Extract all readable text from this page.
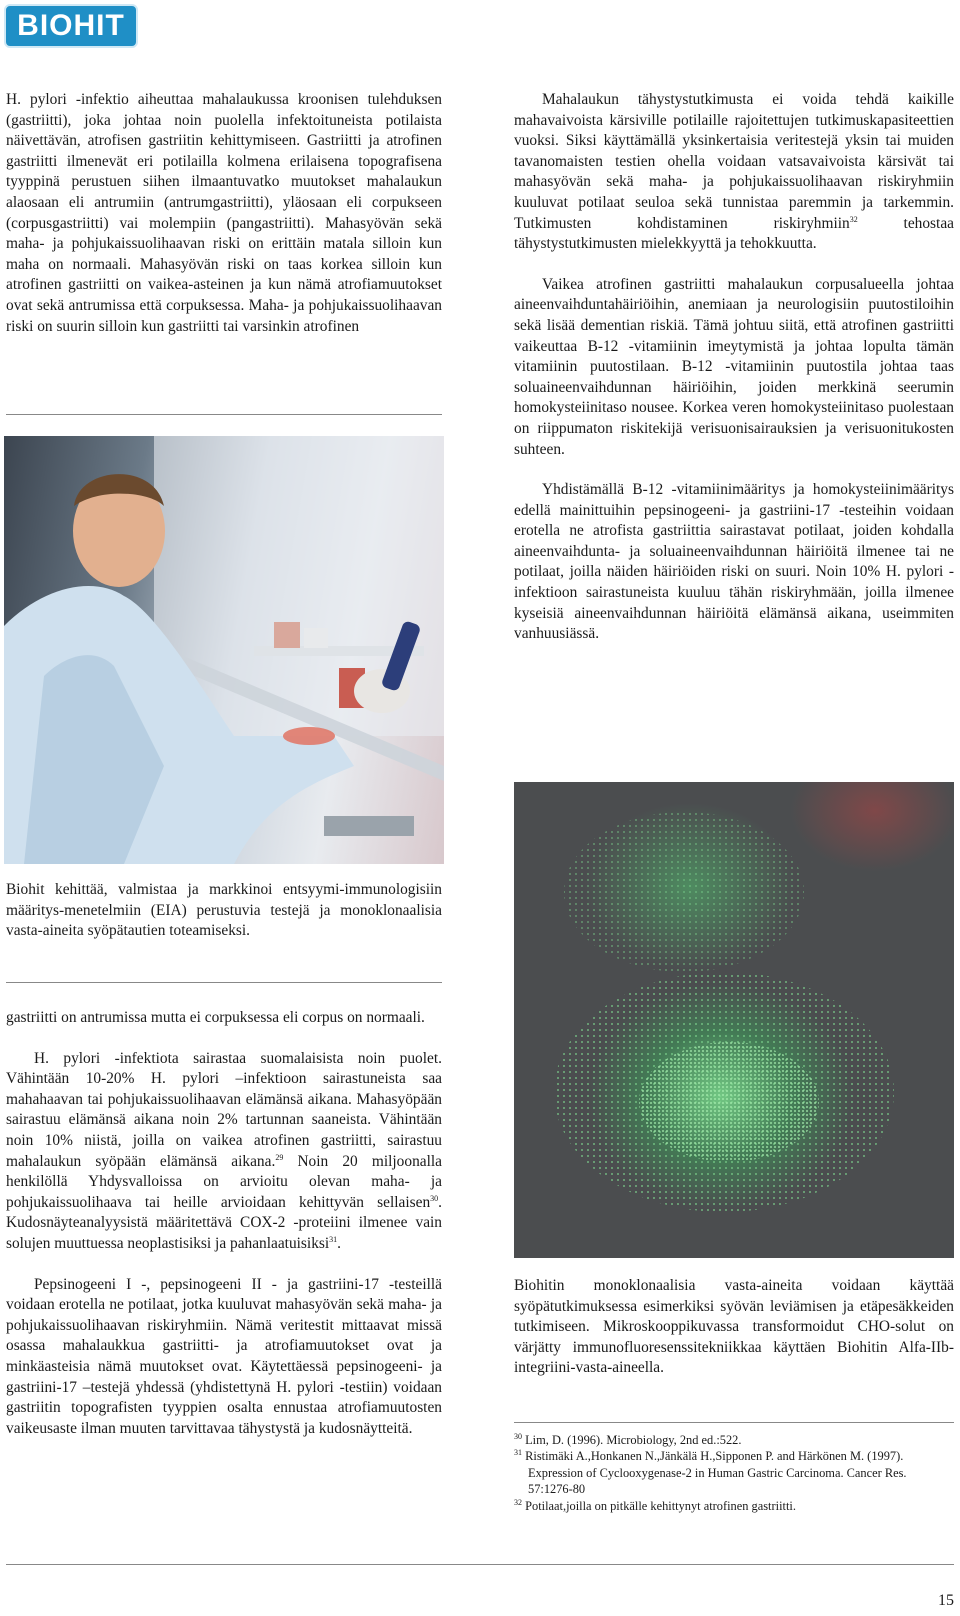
BIOHIT

H. pylori -infektio aiheuttaa mahalaukussa kroonisen tulehduksen (gastriitti), joka johtaa noin puolella infektoituneista potilaista näivettävän, atrofisen gastriitin kehittymiseen. Gastriitti ja atrofinen gastriitti ilmenevät eri potilailla kolmena erilaisena topografisena tyyppinä perustuen siihen ilmaantuvatko muutokset mahalaukun alaosaan eli antrumiin (antrumgastriitti), yläosaan eli corpukseen (corpusgastriitti) vai molempiin (pangastriitti). Mahasyövän sekä maha- ja pohjukaissuolihaavan riski on erittäin matala silloin kun maha on normaali. Mahasyövän riski on taas korkea silloin kun atrofinen gastriitti on vaikea-asteinen ja kun nämä atrofiamuutokset ovat sekä antrumissa että corpuksessa. Maha- ja pohjukaissuolihaavan riski on suurin silloin kun gastriitti tai varsinkin atrofinen

Biohit kehittää, valmistaa ja markkinoi entsyymi-immunologisiin määritys-menetelmiin (EIA) perustuvia testejä ja monoklonaalisia vasta-aineita syöpätautien toteamiseksi.

gastriitti on antrumissa mutta ei corpuksessa eli corpus on normaali.

H. pylori -infektiota sairastaa suomalaisista noin puolet. Vähintään 10-20% H. pylori –infektioon sairastuneista saa mahahaavan tai pohjukaissuolihaavan elämänsä aikana. Mahasyöpään sairastuu elämänsä aikana noin 2% tartunnan saaneista. Vähintään noin 10% niistä, joilla on vaikea atrofinen gastriitti, sairastuu mahalaukun syöpään elämänsä aikana.$^{29}$ Noin 20 miljoonalla henkilöllä Yhdysvalloissa on arvioitu olevan maha- ja pohjukaissuolihaava tai heille arvioidaan kehittyvän sellaisen$^{30}$. Kudosnäyteanalyysistä määritettävä COX-2 -proteiini ilmenee vain solujen muuttuessa neoplastisiksi ja pahanlaatuisiksi$^{31}$.

Pepsinogeeni I -, pepsinogeeni II - ja gastriini-17 -testeillä voidaan erotella ne potilaat, jotka kuuluvat mahasyövän sekä maha- ja pohjukaissuolihaavan riskiryhmiin. Nämä veritestit mittaavat missä osassa mahalaukkua gastriitti- ja atrofiamuutokset ovat ja minkäasteisia nämä muutokset ovat. Käytettäessä pepsinogeeni- ja gastriini-17 –testejä yhdessä (yhdistettynä H. pylori -testiin) voidaan gastriitin topografisten tyyppien osalta ennustaa atrofiamuutosten vaikeusaste ilman muuten tarvittavaa tähystystä ja kudosnäytteitä.

Mahalaukun tähystystutkimusta ei voida tehdä kaikille mahavaivoista kärsiville potilaille rajoitettujen tutkimuskapasiteettien vuoksi. Siksi käyttämällä yksinkertaisia veritestejä yksin tai muiden tavanomaisten testien ohella voidaan vatsavaivoista kärsivät tai mahasyövän sekä maha- ja pohjukaissuolihaavan riskiryhmiin kuuluvat potilaat seuloa sekä tunnistaa paremmin ja tarkemmin. Tutkimusten kohdistaminen riskiryhmiin$^{32}$ tehostaa tähystystutkimusten mielekkyyttä ja tehokkuutta.

Vaikea atrofinen gastriitti mahalaukun corpusalueella johtaa aineenvaihduntahäiriöihin, anemiaan ja neurologisiin puutostiloihin sekä lisää dementian riskiä. Tämä johtuu siitä, että atrofinen gastriitti vaikeuttaa B-12 -vitamiinin imeytymistä ja johtaa lopulta tämän vitamiinin puutostilaan. B-12 -vitamiinin puutostila johtaa taas soluaineenvaihdunnan häiriöihin, joiden merkkinä seerumin homokysteiinitaso nousee. Korkea veren homokysteiinitaso puolestaan on riippumaton riskitekijä verisuonisairauksien ja verisuonitukosten suhteen.

Yhdistämällä B-12 -vitamiinimääritys ja homokysteiinimääritys edellä mainittuihin pepsinogeeni- ja gastriini-17 -testeihin voidaan erotella ne atrofista gastriittia sairastavat potilaat, joiden kohdalla aineenvaihdunta- ja soluaineenvaihdunnan häiriöitä ilmenee tai ne potilaat, joilla näiden häiriöiden riski on suuri. Noin 10% H. pylori -infektioon sairastuneista kuuluu tähän riskiryhmään, joilla ilmenee kyseisiä aineenvaihdunnan häiriöitä elämänsä aikana, useimmiten vanhuusiässä.

Biohitin monoklonaalisia vasta-aineita voidaan käyttää syöpätutkimuksessa esimerkiksi syövän leviämisen ja etäpesäkkeiden tutkimiseen. Mikroskooppikuvassa transformoidut CHO-solut on värjätty immunofluoresenssitekniikkaa käyttäen Biohitin Alfa-IIb-integriini-vasta-aineella.

$^{30}$ Lim, D. (1996). Microbiology, 2nd ed.:522.

$^{31}$ Ristimäki A.,Honkanen N.,Jänkälä H.,Sipponen P. and Härkönen M. (1997). Expression of Cyclooxygenase-2 in Human Gastric Carcinoma. Cancer Res. 57:1276-80

$^{32}$ Potilaat,joilla on pitkälle kehittynyt atrofinen gastriitti.

15
